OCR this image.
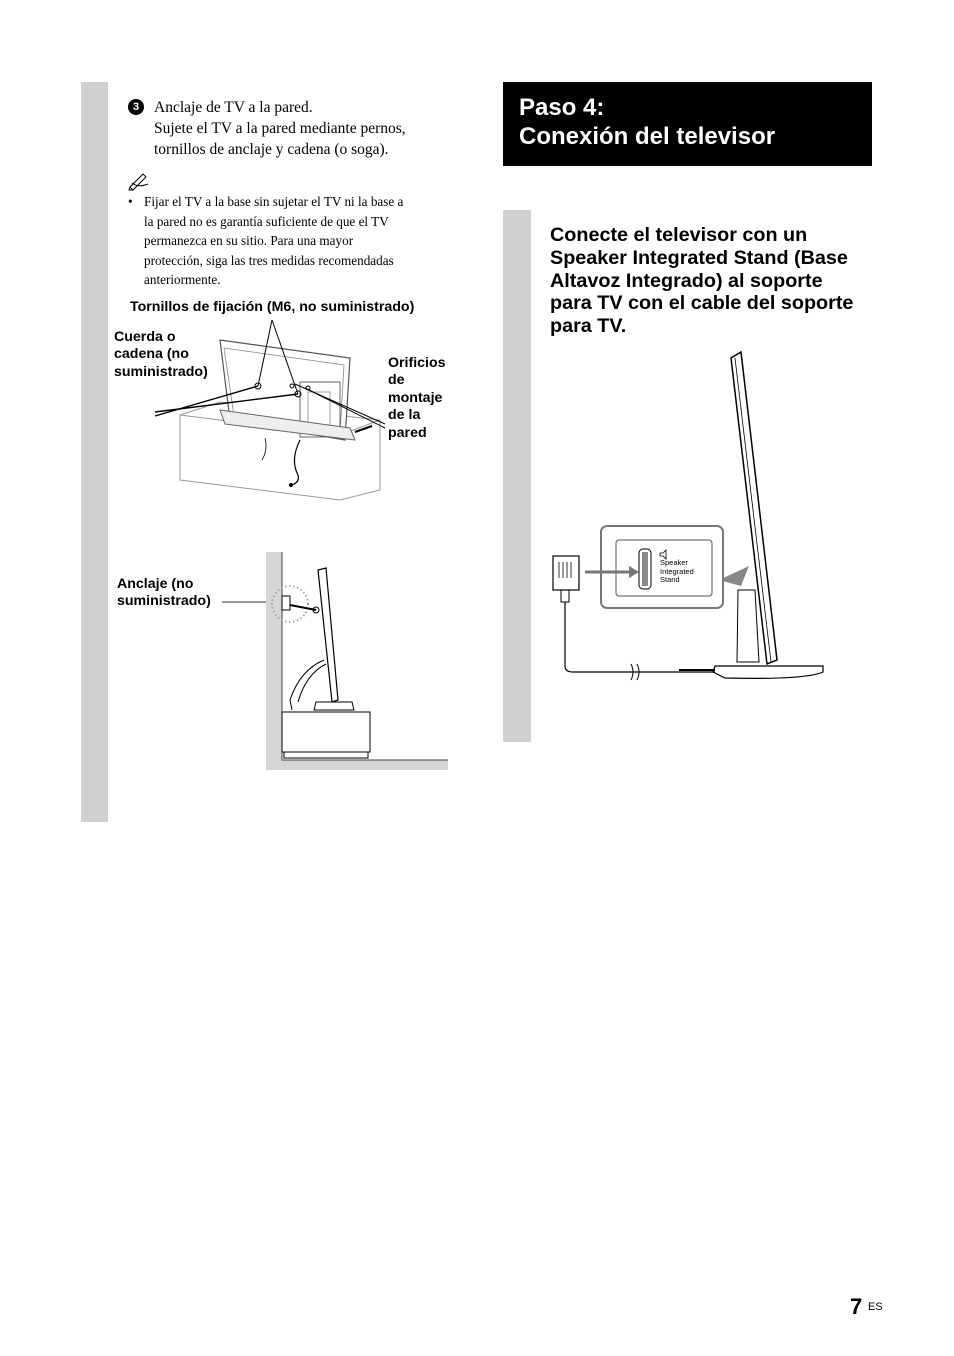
3 Anclaje de TV a la pared.
Sujete el TV a la pared mediante pernos,
tornillos de anclaje y cadena (o soga).
• Fijar el TV a la base sin sujetar el TV ni la base a
la pared no es garantía suficiente de que el TV
permanezca en su sitio. Para una mayor
protección, siga las tres medidas recomendadas
anteriormente.
Tornillos de fijación (M6, no suministrado)
Cuerda o
cadena (no
suministrado)
Orificios
de
montaje
de la
pared
Anclaje (no
suministrado)
Paso 4:
Conexión del televisor
Conecte el televisor con un
Speaker Integrated Stand (Base
Altavoz Integrado) al soporte
para TV con el cable del soporte
para TV.
Speaker
Integrated
Stand
7 ES
